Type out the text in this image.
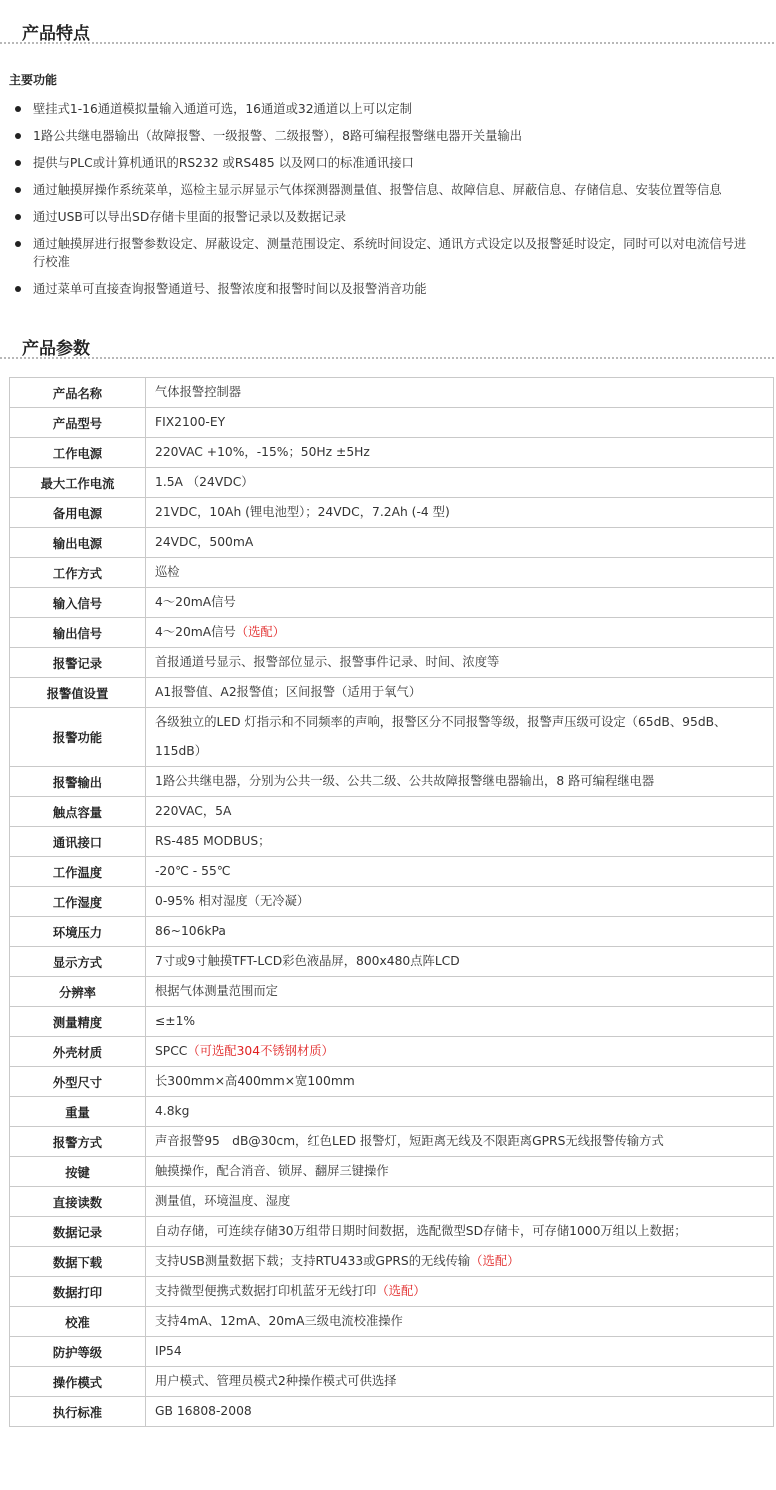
产品特点
主要功能
壁挂式1-16通道模拟量输入通道可选，16通道或32通道以上可以定制
1路公共继电器输出（故障报警、一级报警、二级报警），8路可编程报警继电器开关量输出
提供与PLC或计算机通讯的RS232 或RS485 以及网口的标准通讯接口
通过触摸屏操作系统菜单，巡检主显示屏显示气体探测器测量值、报警信息、故障信息、屏蔽信息、存储信息、安装位置等信息
通过USB可以导出SD存储卡里面的报警记录以及数据记录
通过触摸屏进行报警参数设定、屏蔽设定、测量范围设定、系统时间设定、通讯方式设定以及报警延时设定，同时可以对电流信号进行校准
通过菜单可直接查询报警通道号、报警浓度和报警时间以及报警消音功能
产品参数
产品名称	气体报警控制器
产品型号	FIX2100-EY
工作电源	220VAC +10%，-15%；50Hz ±5Hz
最大工作电流	1.5A （24VDC）
备用电源	21VDC，10Ah (锂电池型）；24VDC，7.2Ah (-4 型)
输出电源	24VDC，500mA
工作方式	巡检
输入信号	4～20mA信号
输出信号	4～20mA信号（选配）
报警记录	首报通道号显示、报警部位显示、报警事件记录、时间、浓度等
报警值设置	A1报警值、A2报警值；区间报警（适用于氧气）
报警功能	各级独立的LED 灯指示和不同频率的声响，报警区分不同报警等级，报警声压级可设定（65dB、95dB、115dB）
报警输出	1路公共继电器，分别为公共一级、公共二级、公共故障报警继电器输出，8 路可编程继电器
触点容量	220VAC，5A
通讯接口	RS-485 MODBUS；
工作温度	-20℃ - 55℃
工作湿度	0-95% 相对湿度（无冷凝）
环境压力	86~106kPa
显示方式	7寸或9寸触摸TFT-LCD彩色液晶屏，800x480点阵LCD
分辨率	根据气体测量范围而定
测量精度	≤±1%
外壳材质	SPCC（可选配304不锈钢材质）
外型尺寸	长300mm×高400mm×宽100mm
重量	4.8kg
报警方式	声音报警95　dB@30cm，红色LED 报警灯，短距离无线及不限距离GPRS无线报警传输方式
按键	触摸操作，配合消音、锁屏、翻屏三键操作
直接读数	测量值，环境温度、湿度
数据记录	自动存储，可连续存储30万组带日期时间数据，选配微型SD存储卡，可存储1000万组以上数据；
数据下载	支持USB测量数据下载；支持RTU433或GPRS的无线传输（选配）
数据打印	支持微型便携式数据打印机蓝牙无线打印（选配）
校准	支持4mA、12mA、20mA三级电流校准操作
防护等级	IP54
操作模式	用户模式、管理员模式2种操作模式可供选择
执行标准	GB 16808-2008
